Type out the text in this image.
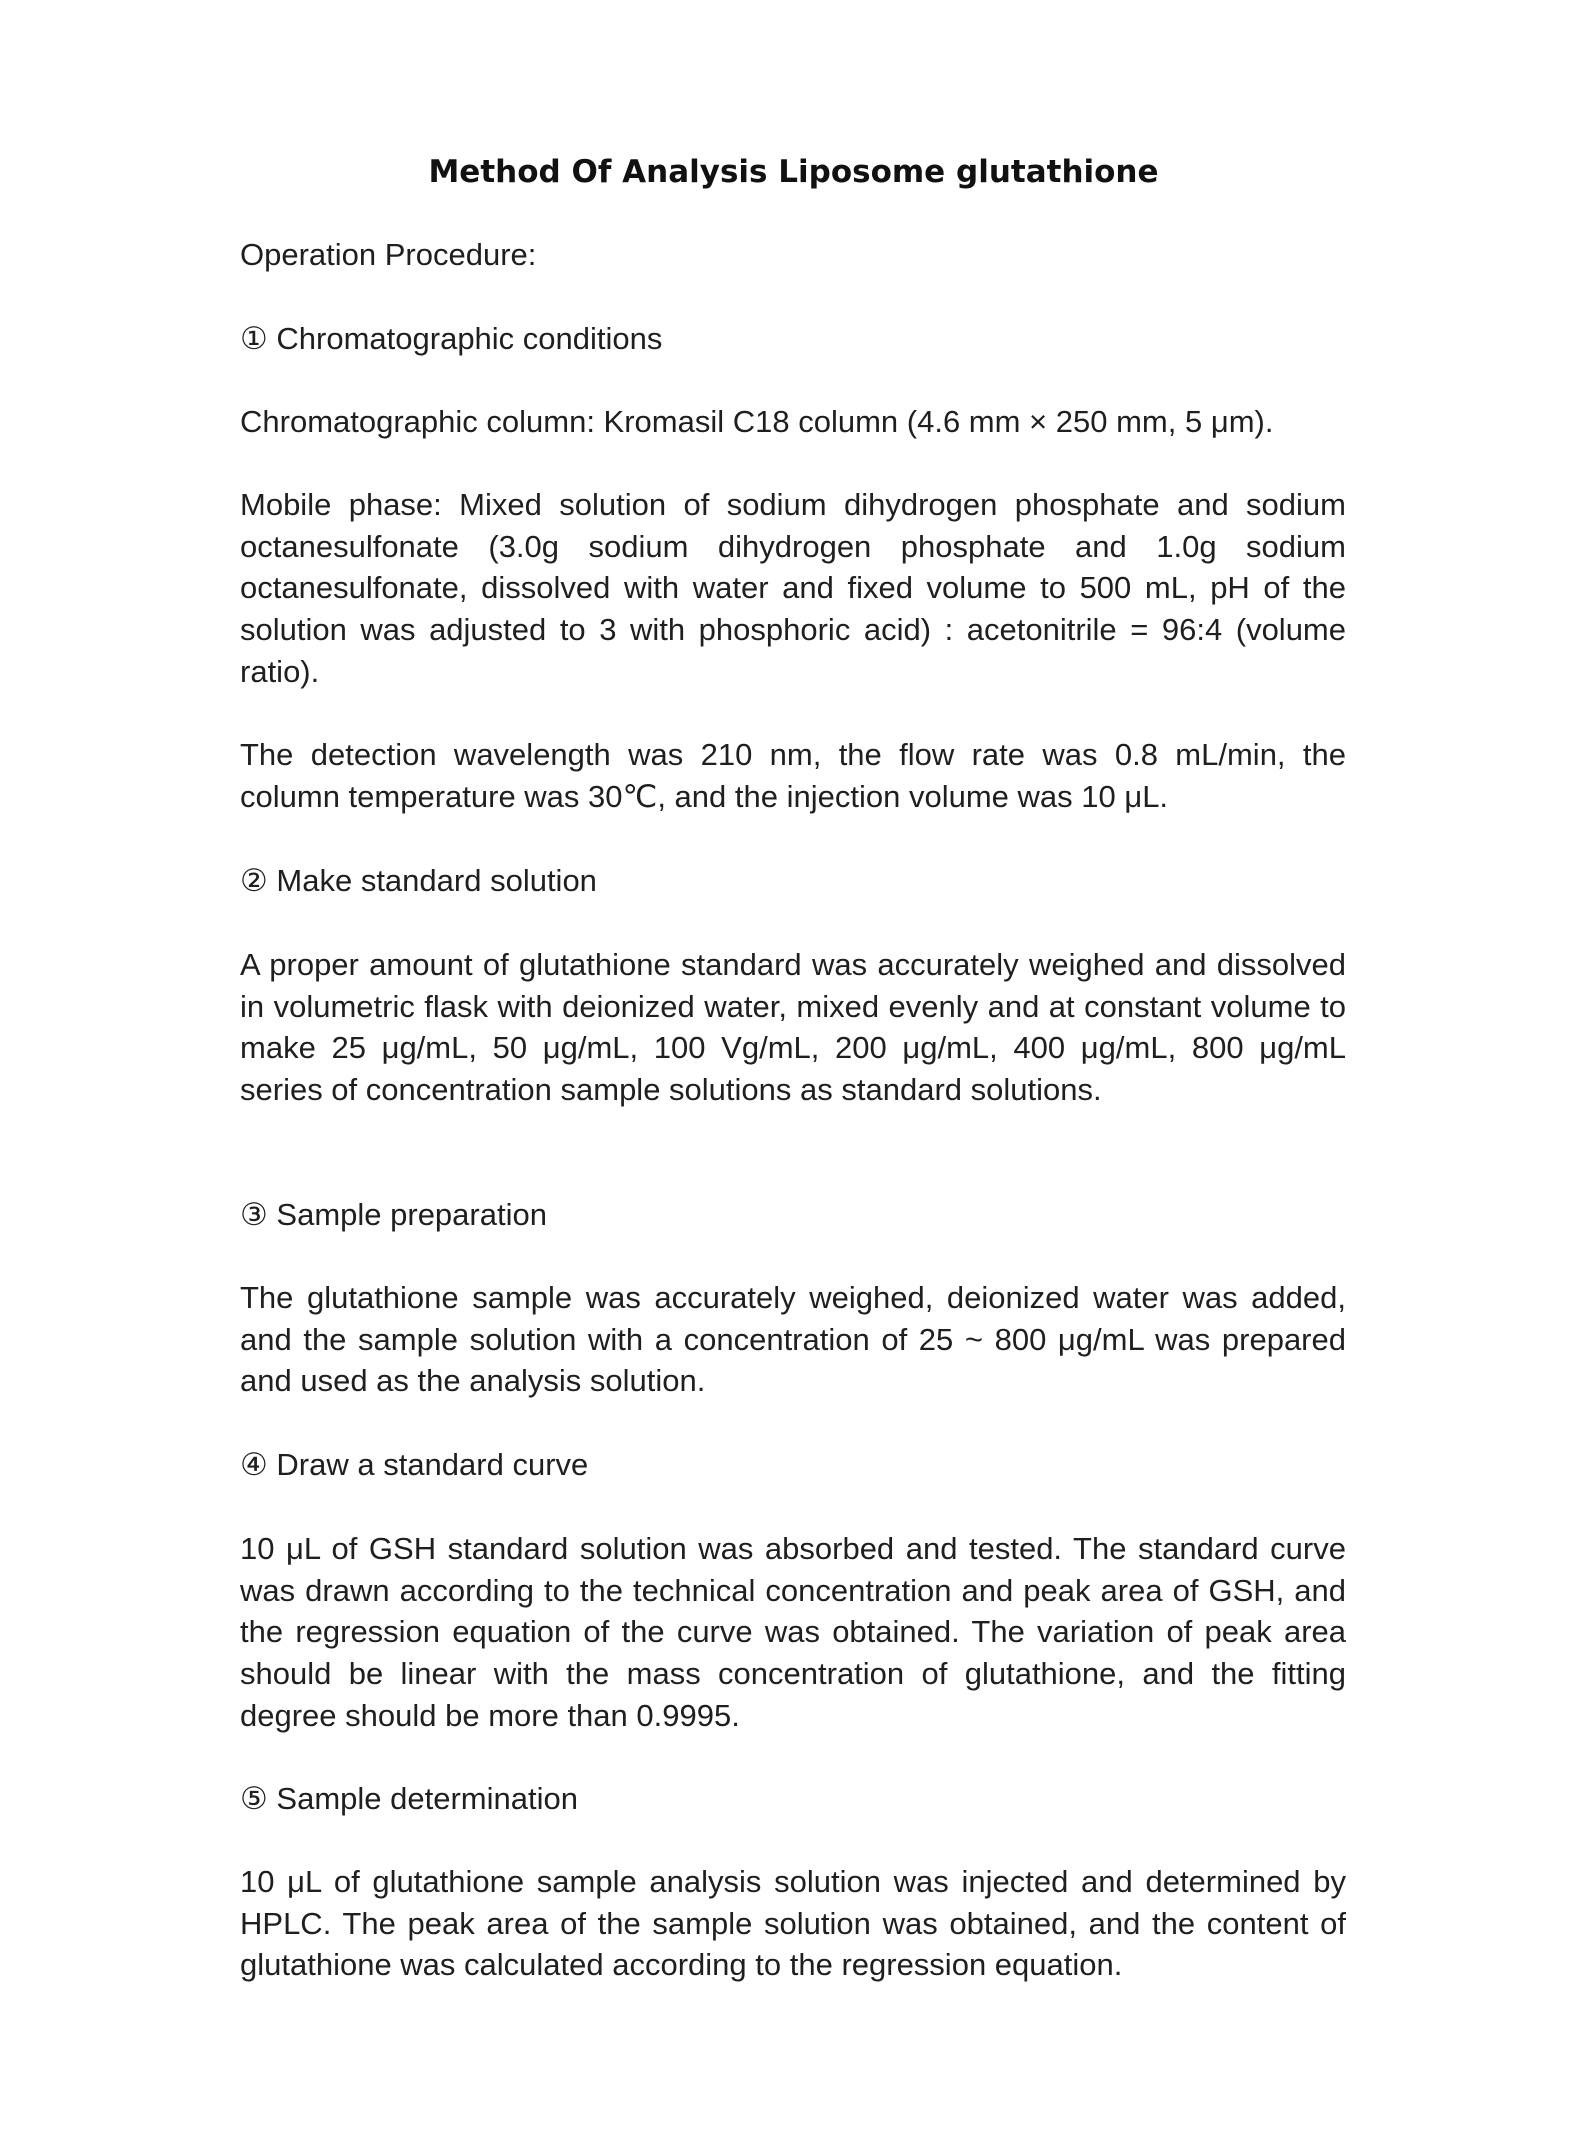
Method Of Analysis Liposome glutathione

Operation Procedure:

① Chromatographic conditions

Chromatographic column: Kromasil C18 column (4.6 mm × 250 mm, 5 μm).

Mobile phase: Mixed solution of sodium dihydrogen phosphate and sodium octanesulfonate (3.0g sodium dihydrogen phosphate and 1.0g sodium octanesulfonate, dissolved with water and fixed volume to 500 mL, pH of the solution was adjusted to 3 with phosphoric acid) : acetonitrile = 96:4 (volume ratio).

The detection wavelength was 210 nm, the flow rate was 0.8 mL/min, the column temperature was 30℃, and the injection volume was 10 μL.

② Make standard solution

A proper amount of glutathione standard was accurately weighed and dissolved in volumetric flask with deionized water, mixed evenly and at constant volume to make 25 μg/mL, 50 μg/mL, 100 Vg/mL, 200 μg/mL, 400 μg/mL, 800 μg/mL series of concentration sample solutions as standard solutions.

③ Sample preparation

The glutathione sample was accurately weighed, deionized water was added, and the sample solution with a concentration of 25 ~ 800 μg/mL was prepared and used as the analysis solution.

④ Draw a standard curve

10 μL of GSH standard solution was absorbed and tested. The standard curve was drawn according to the technical concentration and peak area of GSH, and the regression equation of the curve was obtained. The variation of peak area should be linear with the mass concentration of glutathione, and the fitting degree should be more than 0.9995.

⑤ Sample determination

10 μL of glutathione sample analysis solution was injected and determined by HPLC. The peak area of the sample solution was obtained, and the content of glutathione was calculated according to the regression equation.
